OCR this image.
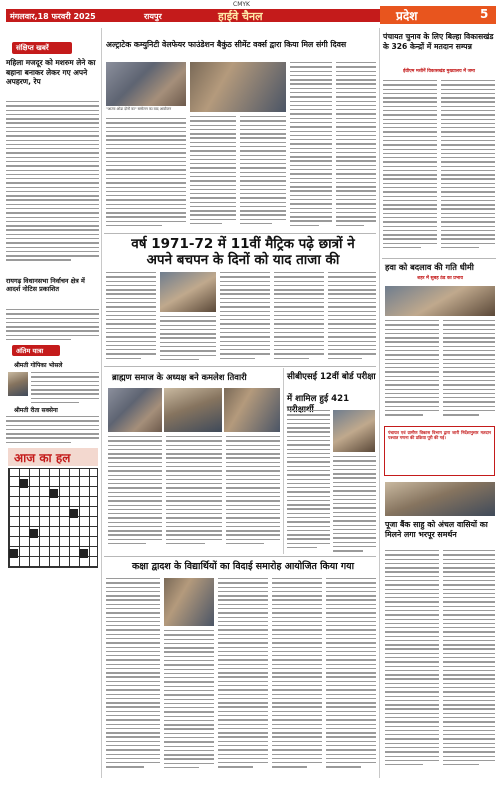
CMYK
मंगलवार,18 फरवरी 2025	रायपुर	हाईवे चैनल	प्रदेश	5
संक्षिप्त खबरें
महिला मजदूर को मशरुम लेने का बहाना बनाकर लेकर गए अपने अपहरण, रेप
रायगढ़ विधानसभा निर्वाचन क्षेत्र में आदर्श नोटिस प्रकाशित
अंतिम यात्रा
श्रीमती गोपिका भोसले
श्रीमती रीता सक्सेना
आज का हल
अल्ट्राटेक कम्युनिटी वेलफेयर फाउंडेशन बैकुंठ सीमेंट वर्क्स द्वारा किया मिल संगी दिवस
"आत्मा ओडा दोनों का" सम्मेलन का बाद आयोजन
वर्ष 1971-72 में 11वीं मैट्रिक पढ़े छात्रों ने
अपने बचपन के दिनों को याद ताजा की
ब्राह्मण समाज के अध्यक्ष बने कमलेश तिवारी	सीबीएसई 12वीं बोर्ड परीक्षा
में शामिल हुई 421
कक्षा द्वादश के विद्यार्थियों का विदाई समारोह आयोजित किया गया
पंचायत चुनाव के लिए बिल्हा विकासखंड के 326 केन्द्रों में मतदान सम्पन्न
ईवीएम मशीनेें विकासखंड मुख्यालय में जमा
हवा को बदलाव की गति धीमी
शहर में सुबह ठंड का प्रभाव
पंचायत एवं ग्रामीण विकास विभाग द्वारा जारी निर्देशानुसार मतदान पश्चात गणना की प्रक्रिया पूरी की गई।
पूजा बैंक साहु को अंचल वासियों का मिलने लगा भरपूर समर्थन
